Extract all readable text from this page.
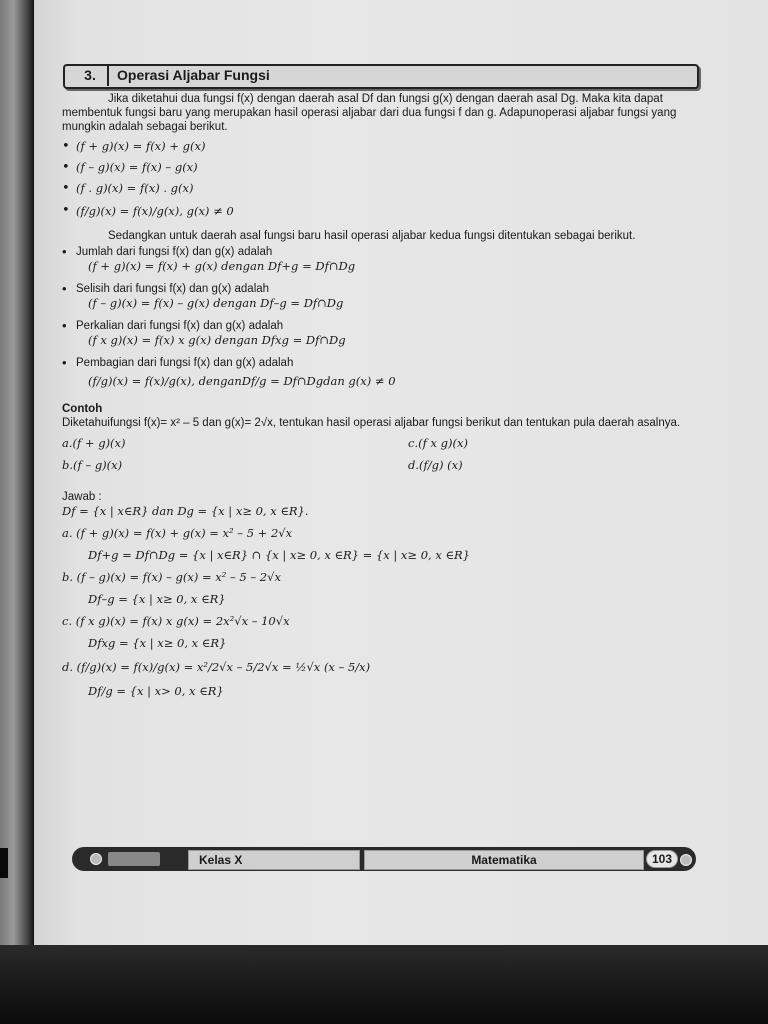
3.	Operasi Aljabar Fungsi

Jika diketahui dua fungsi f(x) dengan daerah asal Df dan fungsi g(x) dengan daerah asal Dg. Maka kita dapat membentuk fungsi baru yang merupakan hasil operasi aljabar dari dua fungsi f dan g. Adapunoperasi aljabar fungsi yang mungkin adalah sebagai berikut.

• (f + g)(x) = f(x) + g(x)

• (f – g)(x) = f(x) – g(x)

• (f . g)(x) = f(x) . g(x)

• (f/g)(x) = f(x)/g(x), g(x) ≠ 0

Sedangkan untuk daerah asal fungsi baru hasil operasi aljabar kedua fungsi ditentukan sebagai berikut.

• Jumlah dari fungsi f(x) dan g(x) adalah

(f + g)(x) = f(x) + g(x) dengan Df+g = Df∩Dg

• Selisih dari fungsi f(x) dan g(x) adalah

(f – g)(x) = f(x) – g(x) dengan Df–g = Df∩Dg

• Perkalian dari fungsi f(x) dan g(x) adalah

(f x g)(x) = f(x) x g(x) dengan Dfxg = Df∩Dg

• Pembagian dari fungsi f(x) dan g(x) adalah

(f/g)(x) = f(x)/g(x), denganDf/g = Df∩Dgdan g(x) ≠ 0

Contoh

Diketahuifungsi f(x)= x² – 5 dan g(x)= 2√x, tentukan hasil operasi aljabar fungsi berikut dan tentukan pula daerah asalnya.

a.(f + g)(x)	c.(f x g)(x)
b.(f – g)(x)	d.(f/g) (x)

Jawab :

Df = {x | x∈R} dan Dg = {x | x≥ 0, x ∈R}.

a. (f + g)(x) = f(x) + g(x) = x² – 5 + 2√x

Df+g = Df∩Dg = {x | x∈R} ∩ {x | x≥ 0, x ∈R} = {x | x≥ 0, x ∈R}

b. (f – g)(x) = f(x) – g(x) = x² – 5 – 2√x

Df–g = {x | x≥ 0, x ∈R}

c. (f x g)(x) = f(x) x g(x) = 2x²√x – 10√x

Dfxg = {x | x≥ 0, x ∈R}

d. (f/g)(x) = f(x)/g(x) = x²/2√x – 5/2√x = ½√x (x – 5/x)

Df/g = {x | x> 0, x ∈R}

Kelas X	Matematika	103
